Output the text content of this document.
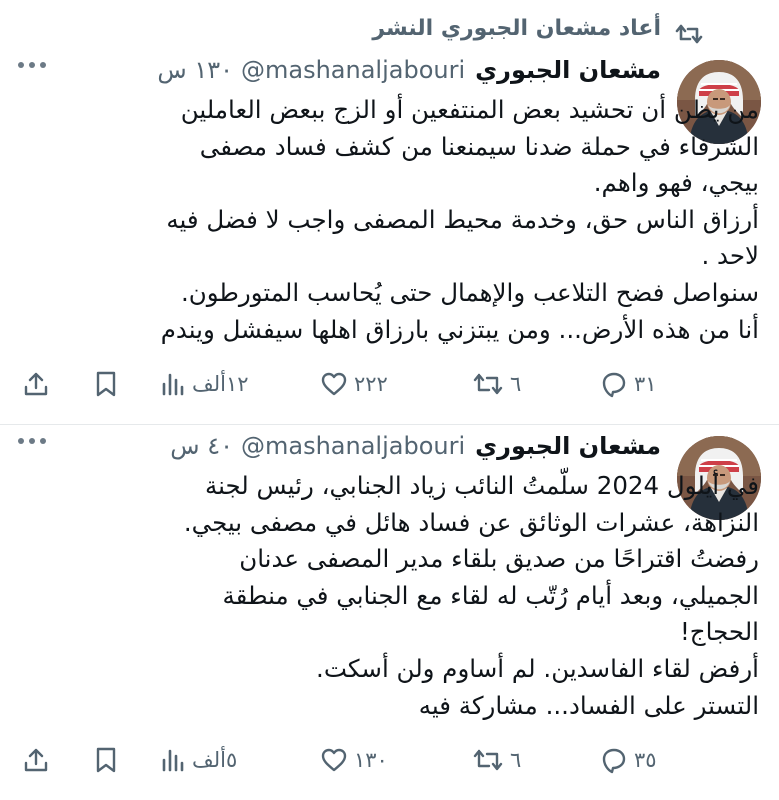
أعاد مشعان الجبوري النشر
مشعان الجبوري@mashanaljabouri١٣٠ س
من يظن أن تحشيد بعض المنتفعين أو الزج ببعض العاملين
الشرفاء في حملة ضدنا سيمنعنا من كشف فساد مصفى
بيجي، فهو واهم.
أرزاق الناس حق، وخدمة محيط المصفى واجب لا فضل فيه
لاحد .
سنواصل فضح التلاعب والإهمال حتى يُحاسب المتورطون.
أنا من هذه الأرض... ومن يبتزني بارزاق اهلها سيفشل ويندم
٣١
٦
٢٢٢
١٢ألف
مشعان الجبوري@mashanaljabouri٤٠ س
في أيلول 2024 سلّمتُ النائب زياد الجنابي، رئيس لجنة
النزاهة، عشرات الوثائق عن فساد هائل في مصفى بيجي.
رفضتُ اقتراحًا من صديق بلقاء مدير المصفى عدنان
الجميلي، وبعد أيام رُتّب له لقاء مع الجنابي في منطقة
الحجاج!
أرفض لقاء الفاسدين. لم أساوم ولن أسكت.
التستر على الفساد... مشاركة فيه
٣٥
٦
١٣٠
٥ألف
